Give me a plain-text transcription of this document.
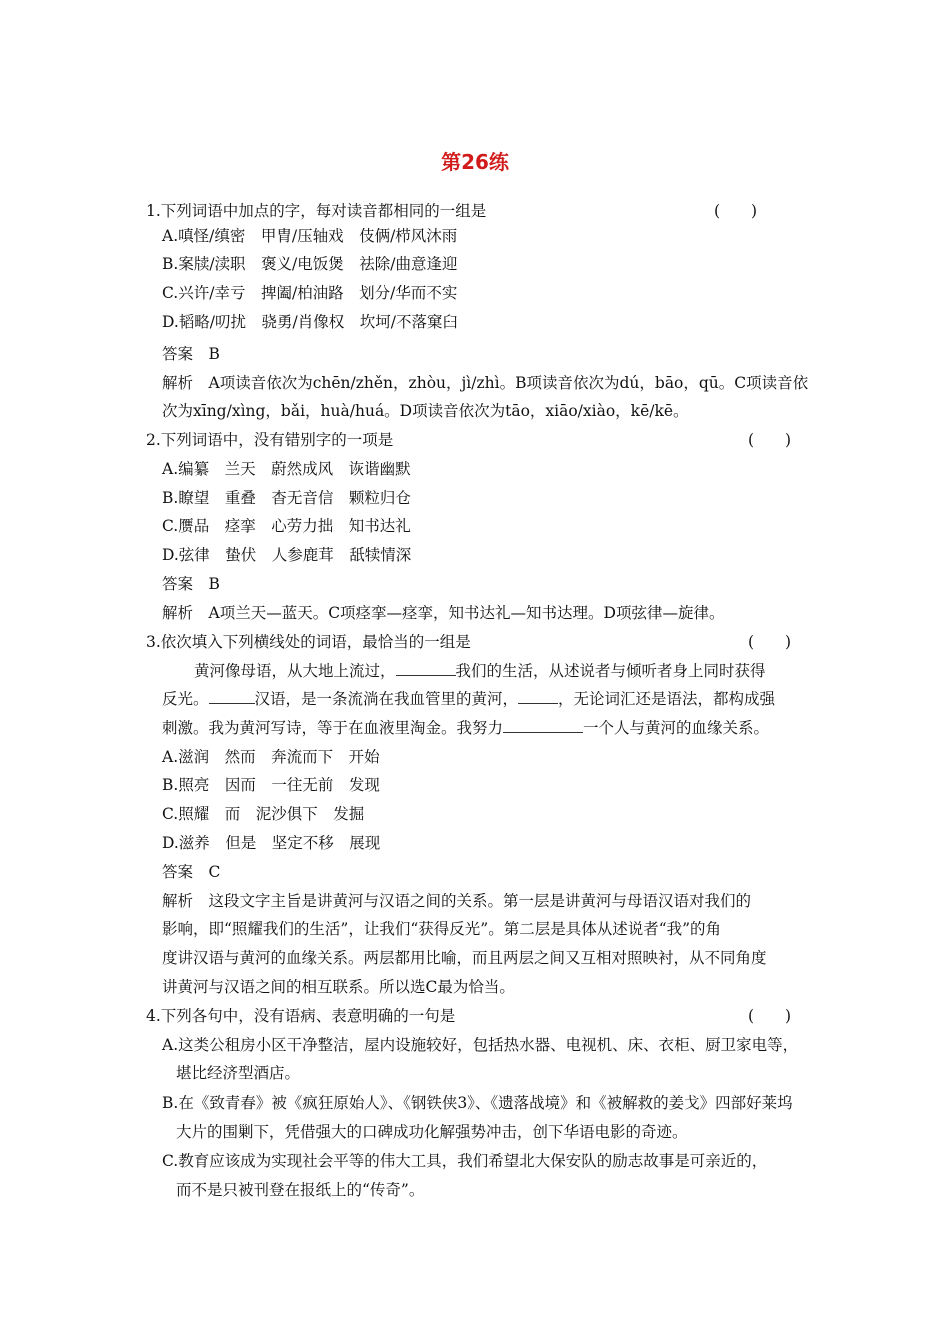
第26练
1.下列词语中加点的字，每对读音都相同的一组是	(　　)
A.嗔怪/缜密　甲胄/压轴戏　伎俩/栉风沐雨
B.案牍/渎职　褒义/电饭煲　祛除/曲意逢迎
C.兴许/幸亏　捭阖/柏油路　划分/华而不实
D.韬略/叨扰　骁勇/肖像权　坎坷/不落窠臼
答案　B
解析　A项读音依次为chēn/zhěn，zhòu，jì/zhì。B项读音依次为dú，bāo，qū。C项读音依
次为xīng/xìng，bǎi，huà/huá。D项读音依次为tāo，xiāo/xiào，kē/kē。
2.下列词语中，没有错别字的一项是	(　　)
A.编纂　兰天　蔚然成风　诙谐幽默
B.瞭望　重叠　杳无音信　颗粒归仓
C.赝品　痉挛　心劳力拙　知书达礼
D.弦律　蛰伏　人参鹿茸　舐犊情深
答案　B
解析　A项兰天—蓝天。C项痉挛—痉挛，知书达礼—知书达理。D项弦律—旋律。
3.依次填入下列横线处的词语，最恰当的一组是	(　　)
黄河像母语，从大地上流过，	我们的生活，从述说者与倾听者身上同时获得
反光。	汉语，是一条流淌在我血管里的黄河，	，无论词汇还是语法，都构成强
刺激。我为黄河写诗，等于在血液里淘金。我努力	一个人与黄河的血缘关系。
A.滋润　然而　奔流而下　开始
B.照亮　因而　一往无前　发现
C.照耀　而　泥沙俱下　发掘
D.滋养　但是　坚定不移　展现
答案　C
解析　这段文字主旨是讲黄河与汉语之间的关系。第一层是讲黄河与母语汉语对我们的
影响，即“照耀我们的生活”，让我们“获得反光”。第二层是具体从述说者“我”的角
度讲汉语与黄河的血缘关系。两层都用比喻，而且两层之间又互相对照映衬，从不同角度
讲黄河与汉语之间的相互联系。所以选C最为恰当。
4.下列各句中，没有语病、表意明确的一句是	(　　)
A.这类公租房小区干净整洁，屋内设施较好，包括热水器、电视机、床、衣柜、厨卫家电等，
堪比经济型酒店。
B.在《致青春》被《疯狂原始人》、《钢铁侠3》、《遗落战境》和《被解救的姜戈》四部好莱坞
大片的围剿下，凭借强大的口碑成功化解强势冲击，创下华语电影的奇迹。
C.教育应该成为实现社会平等的伟大工具，我们希望北大保安队的励志故事是可亲近的，
而不是只被刊登在报纸上的“传奇”。
